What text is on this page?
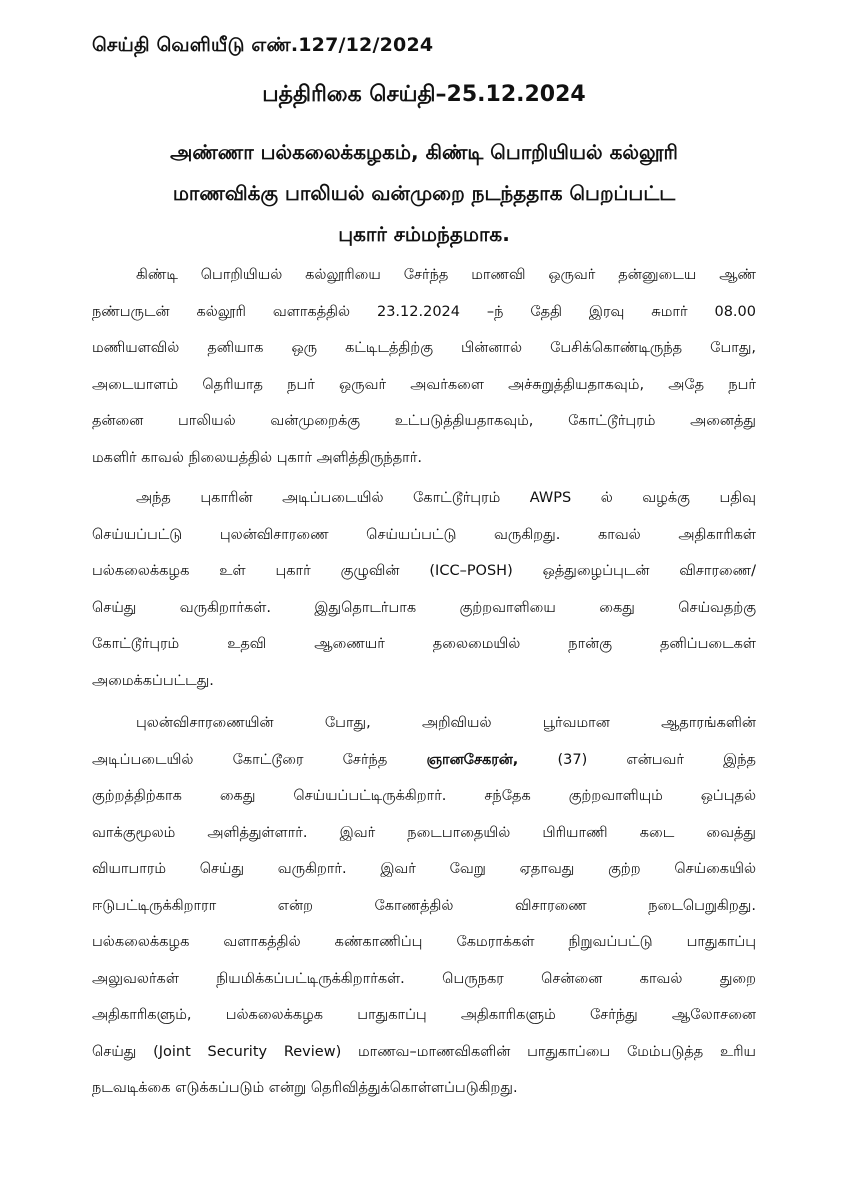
செய்தி வெளியீடு எண்.127/12/2024
பத்திரிகை செய்தி–25.12.2024
அண்ணா பல்கலைக்கழகம், கிண்டி பொறியியல் கல்லூரி
மாணவிக்கு பாலியல் வன்முறை நடந்ததாக பெறப்பட்ட
புகார் சம்மந்தமாக.
கிண்டி பொறியியல் கல்லூரியை சேர்ந்த மாணவி ஒருவர் தன்னுடைய ஆண்
நண்பருடன் கல்லூரி வளாகத்தில் 23.12.2024 –ந் தேதி இரவு சுமார் 08.00
மணியளவில் தனியாக ஒரு கட்டிடத்திற்கு பின்னால் பேசிக்கொண்டிருந்த போது,
அடையாளம் தெரியாத நபர் ஒருவர் அவர்களை அச்சுறுத்தியதாகவும், அதே நபர்
தன்னை பாலியல் வன்முறைக்கு உட்படுத்தியதாகவும், கோட்டூர்புரம் அனைத்து
மகளிர் காவல் நிலையத்தில் புகார் அளித்திருந்தார்.
அந்த புகாரின் அடிப்படையில் கோட்டூர்புரம் AWPS ல் வழக்கு பதிவு
செய்யப்பட்டு புலன்விசாரணை செய்யப்பட்டு வருகிறது. காவல் அதிகாரிகள்
பல்கலைக்கழக உள் புகார் குழுவின் (ICC–POSH) ஒத்துழைப்புடன் விசாரணை/
செய்து வருகிறார்கள். இதுதொடர்பாக குற்றவாளியை கைது செய்வதற்கு
கோட்டூர்புரம் உதவி ஆணையர் தலைமையில் நான்கு தனிப்படைகள்
அமைக்கப்பட்டது.
புலன்விசாரணையின் போது, அறிவியல் பூர்வமான ஆதாரங்களின்
அடிப்படையில் கோட்டூரை சேர்ந்த ஞானசேகரன், (37) என்பவர் இந்த
குற்றத்திற்காக கைது செய்யப்பட்டிருக்கிறார். சந்தேக குற்றவாளியும் ஒப்புதல்
வாக்குமூலம் அளித்துள்ளார். இவர் நடைபாதையில் பிரியாணி கடை வைத்து
வியாபாரம் செய்து வருகிறார். இவர் வேறு ஏதாவது குற்ற செய்கையில்
ஈடுபட்டிருக்கிறாரா என்ற கோணத்தில் விசாரணை நடைபெறுகிறது.
பல்கலைக்கழக வளாகத்தில் கண்காணிப்பு கேமராக்கள் நிறுவப்பட்டு பாதுகாப்பு
அலுவலர்கள் நியமிக்கப்பட்டிருக்கிறார்கள். பெருநகர சென்னை காவல் துறை
அதிகாரிகளும், பல்கலைக்கழக பாதுகாப்பு அதிகாரிகளும் சேர்ந்து ஆலோசனை
செய்து (Joint Security Review) மாணவ–மாணவிகளின் பாதுகாப்பை மேம்படுத்த உரிய
நடவடிக்கை எடுக்கப்படும் என்று தெரிவித்துக்கொள்ளப்படுகிறது.
